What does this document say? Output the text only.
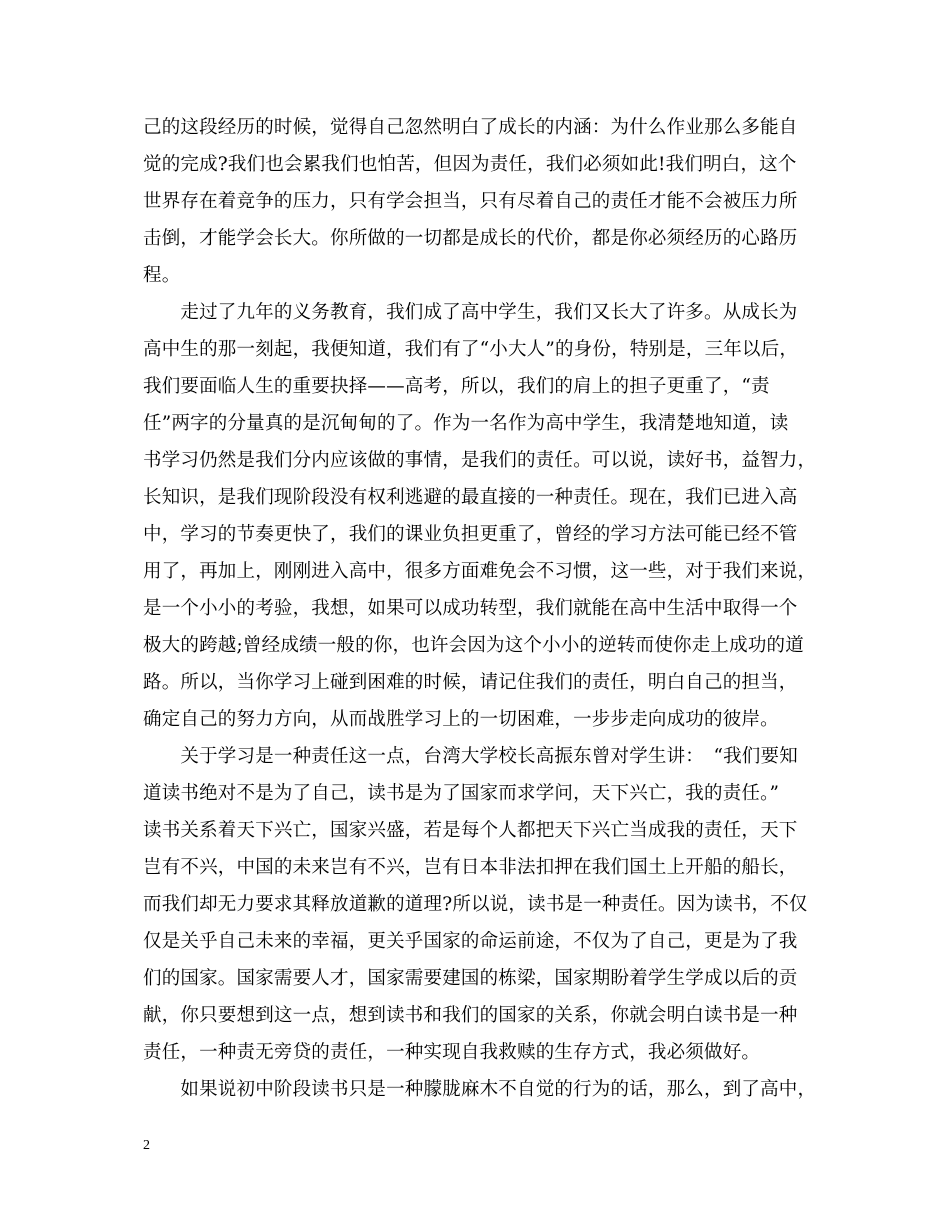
己的这段经历的时候，觉得自己忽然明白了成长的内涵：为什么作业那么多能自
觉的完成?我们也会累我们也怕苦，但因为责任，我们必须如此!我们明白，这个
世界存在着竞争的压力，只有学会担当，只有尽着自己的责任才能不会被压力所
击倒，才能学会长大。你所做的一切都是成长的代价，都是你必须经历的心路历
程。
　　走过了九年的义务教育，我们成了高中学生，我们又长大了许多。从成长为
高中生的那一刻起，我便知道，我们有了“小大人”的身份，特别是，三年以后，
我们要面临人生的重要抉择——高考，所以，我们的肩上的担子更重了，“责
任”两字的分量真的是沉甸甸的了。作为一名作为高中学生，我清楚地知道，读
书学习仍然是我们分内应该做的事情，是我们的责任。可以说，读好书，益智力，
长知识，是我们现阶段没有权利逃避的最直接的一种责任。现在，我们已进入高
中，学习的节奏更快了，我们的课业负担更重了，曾经的学习方法可能已经不管
用了，再加上，刚刚进入高中，很多方面难免会不习惯，这一些，对于我们来说，
是一个小小的考验，我想，如果可以成功转型，我们就能在高中生活中取得一个
极大的跨越;曾经成绩一般的你，也许会因为这个小小的逆转而使你走上成功的道
路。所以，当你学习上碰到困难的时候，请记住我们的责任，明白自己的担当，
确定自己的努力方向，从而战胜学习上的一切困难，一步步走向成功的彼岸。
　　关于学习是一种责任这一点，台湾大学校长高振东曾对学生讲：　“我们要知
道读书绝对不是为了自己，读书是为了国家而求学问，天下兴亡，我的责任。”
读书关系着天下兴亡，国家兴盛，若是每个人都把天下兴亡当成我的责任，天下
岂有不兴，中国的未来岂有不兴，岂有日本非法扣押在我们国土上开船的船长，
而我们却无力要求其释放道歉的道理?所以说，读书是一种责任。因为读书，不仅
仅是关乎自己未来的幸福，更关乎国家的命运前途，不仅为了自己，更是为了我
们的国家。国家需要人才，国家需要建国的栋梁，国家期盼着学生学成以后的贡
献，你只要想到这一点，想到读书和我们的国家的关系，你就会明白读书是一种
责任，一种责无旁贷的责任，一种实现自我救赎的生存方式，我必须做好。
　　如果说初中阶段读书只是一种朦胧麻木不自觉的行为的话，那么，到了高中，
2
